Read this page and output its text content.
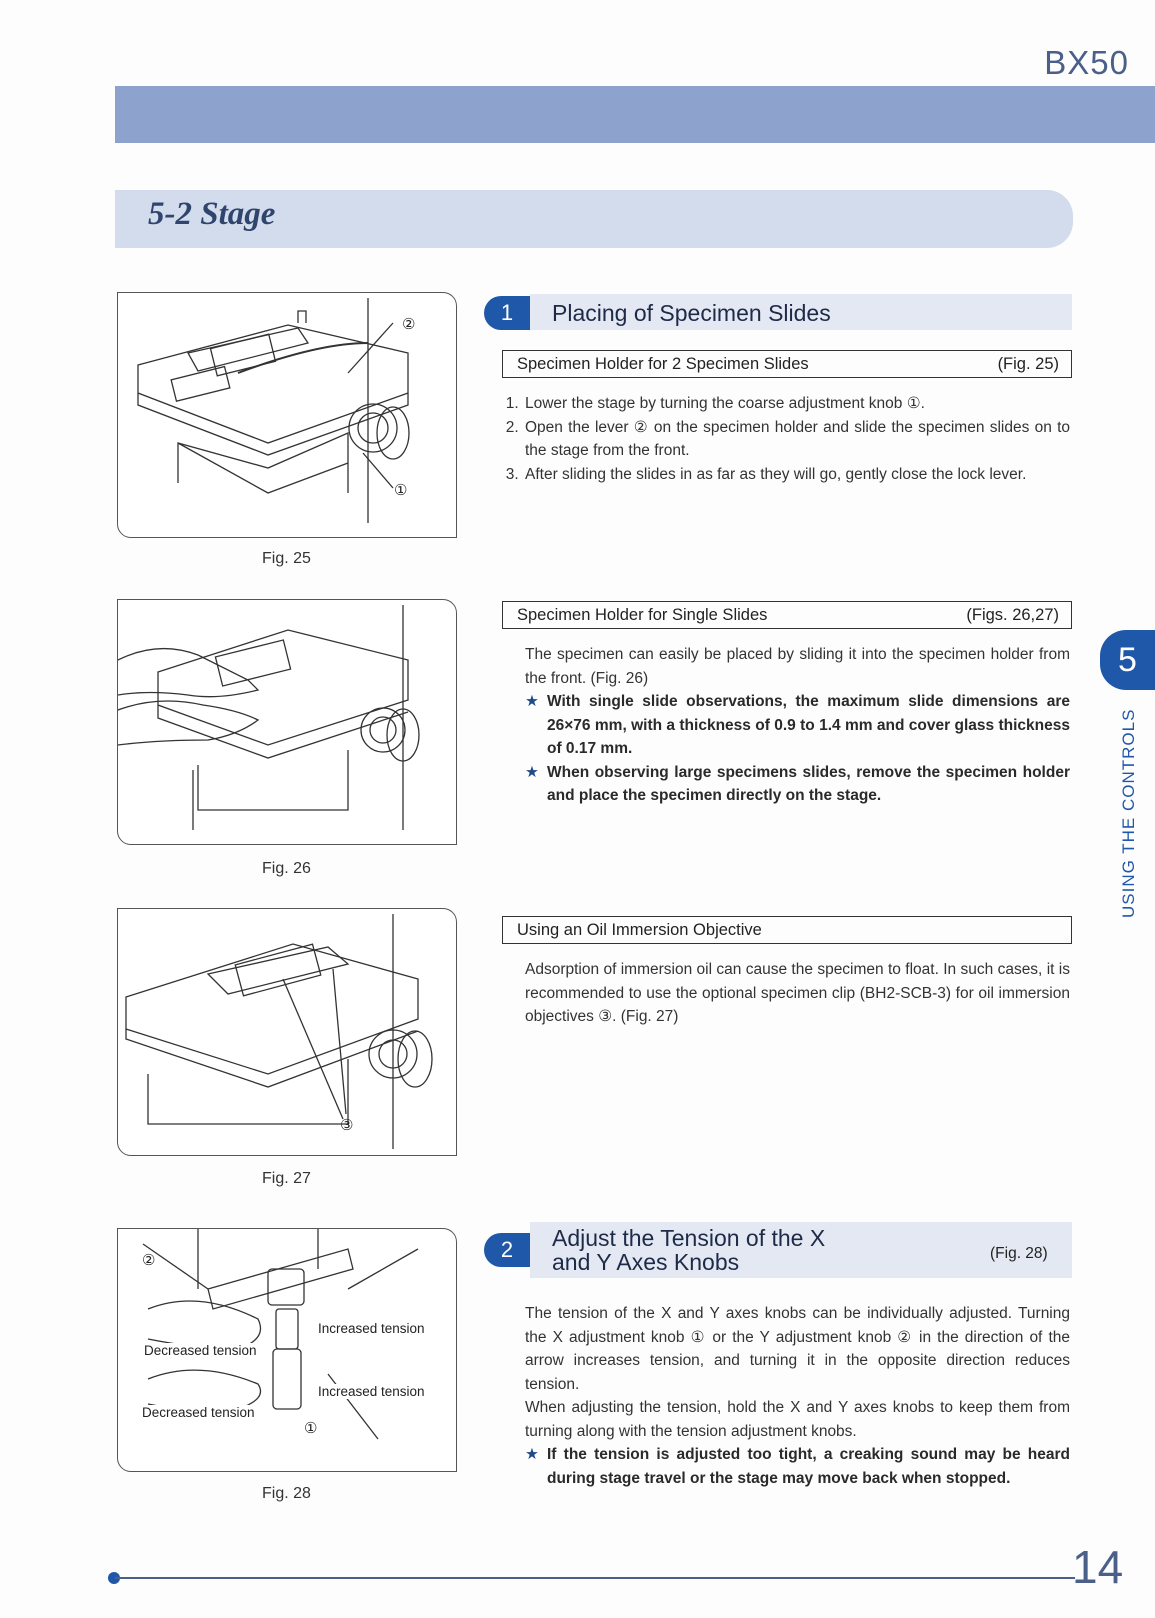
BX50
5-2 Stage
②
①
Fig. 25
Fig. 26
③
Fig. 27
②
①
Increased tension
Decreased tension
Increased tension
Decreased tension
Fig. 28
1	Placing of Specimen Slides
Specimen Holder for 2 Specimen Slides	(Fig. 25)
1. Lower the stage by turning the coarse adjustment knob ①.
2. Open the lever ② on the specimen holder and slide the specimen slides on to the stage from the front.
3. After sliding the slides in as far as they will go, gently close the lock lever.
Specimen Holder for Single Slides	(Figs. 26,27)

The specimen can easily be placed by sliding it into the specimen holder from the front. (Fig. 26)

★ With single slide observations, the maximum slide dimensions are 26×76 mm, with a thickness of 0.9 to 1.4 mm and cover glass thickness of 0.17 mm.
★ When observing large specimens slides, remove the specimen holder and place the specimen directly on the stage.
Using an Oil Immersion Objective

Adsorption of immersion oil can cause the specimen to float. In such cases, it is recommended to use the optional specimen clip (BH2-SCB-3) for oil immersion objectives ③. (Fig. 27)

2	Adjust the Tension of the X
and Y Axes Knobs	(Fig. 28)

The tension of the X and Y axes knobs can be individually adjusted. Turning the X adjustment knob ① or the Y adjustment knob ② in the direction of the arrow increases tension, and turning it in the opposite direction reduces tension.

When adjusting the tension, hold the X and Y axes knobs to keep them from turning along with the tension adjustment knobs.

★ If the tension is adjusted too tight, a creaking sound may be heard during stage travel or the stage may move back when stopped.
5
USING THE CONTROLS
14
